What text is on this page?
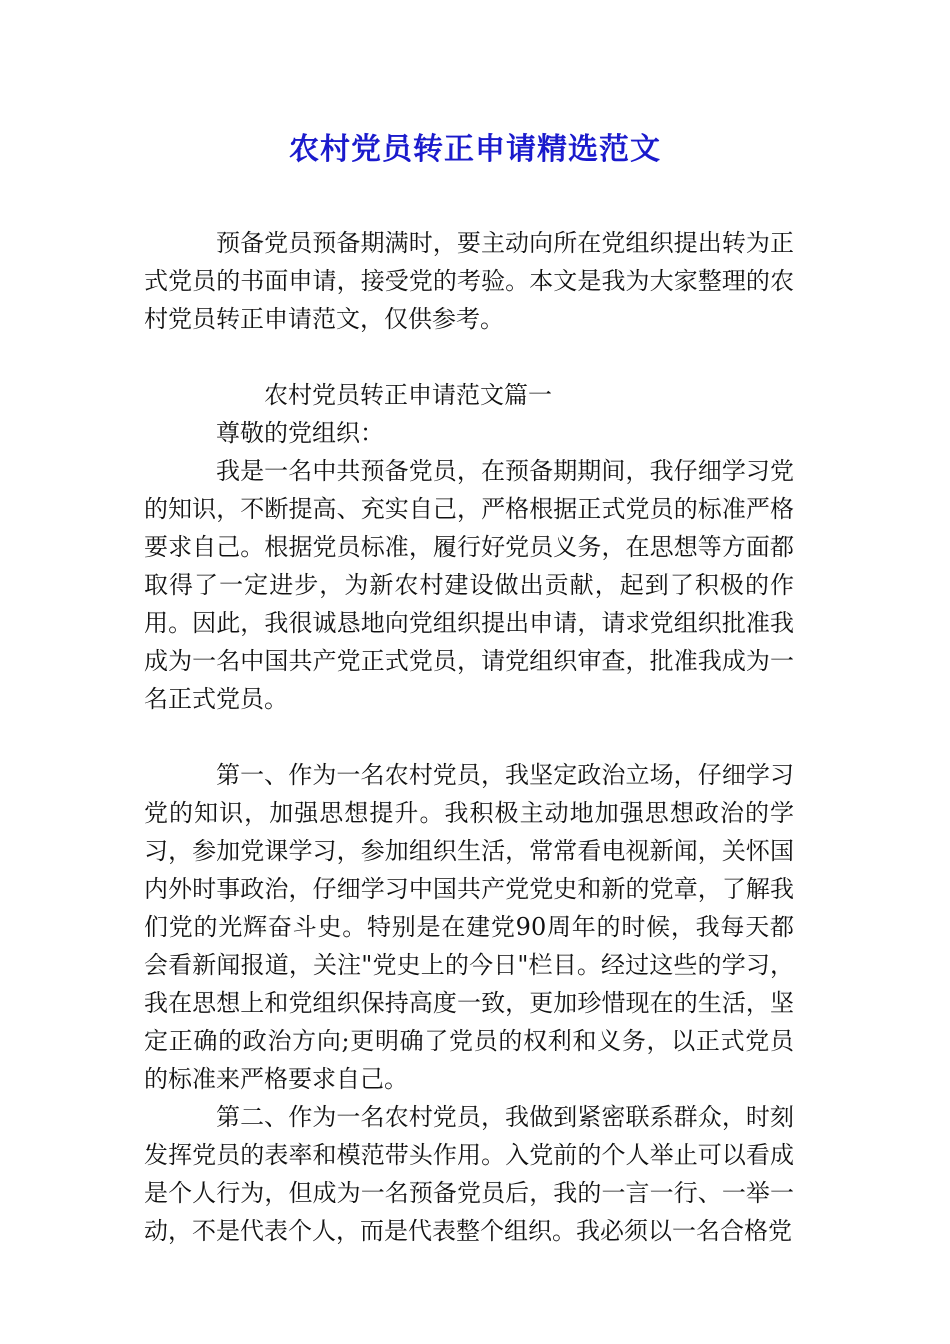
农村党员转正申请精选范文

预备党员预备期满时，要主动向所在党组织提出转为正式党员的书面申请，接受党的考验。本文是我为大家整理的农村党员转正申请范文，仅供参考。

农村党员转正申请范文篇一

尊敬的党组织：

我是一名中共预备党员，在预备期期间，我仔细学习党的知识，不断提高、充实自己，严格根据正式党员的标准严格要求自己。根据党员标准，履行好党员义务，在思想等方面都取得了一定进步，为新农村建设做出贡献，起到了积极的作用。因此，我很诚恳地向党组织提出申请，请求党组织批准我成为一名中国共产党正式党员，请党组织审查，批准我成为一名正式党员。

第一、作为一名农村党员，我坚定政治立场，仔细学习党的知识，加强思想提升。我积极主动地加强思想政治的学习，参加党课学习，参加组织生活，常常看电视新闻，关怀国内外时事政治，仔细学习中国共产党党史和新的党章，了解我们党的光辉奋斗史。特别是在建党90周年的时候，我每天都会看新闻报道，关注"党史上的今日"栏目。经过这些的学习，我在思想上和党组织保持高度一致，更加珍惜现在的生活，坚定正确的政治方向;更明确了党员的权利和义务，以正式党员的标准来严格要求自己。

第二、作为一名农村党员，我做到紧密联系群众，时刻发挥党员的表率和模范带头作用。入党前的个人举止可以看成是个人行为，但成为一名预备党员后，我的一言一行、一举一动，不是代表个人，而是代表整个组织。我必须以一名合格党
